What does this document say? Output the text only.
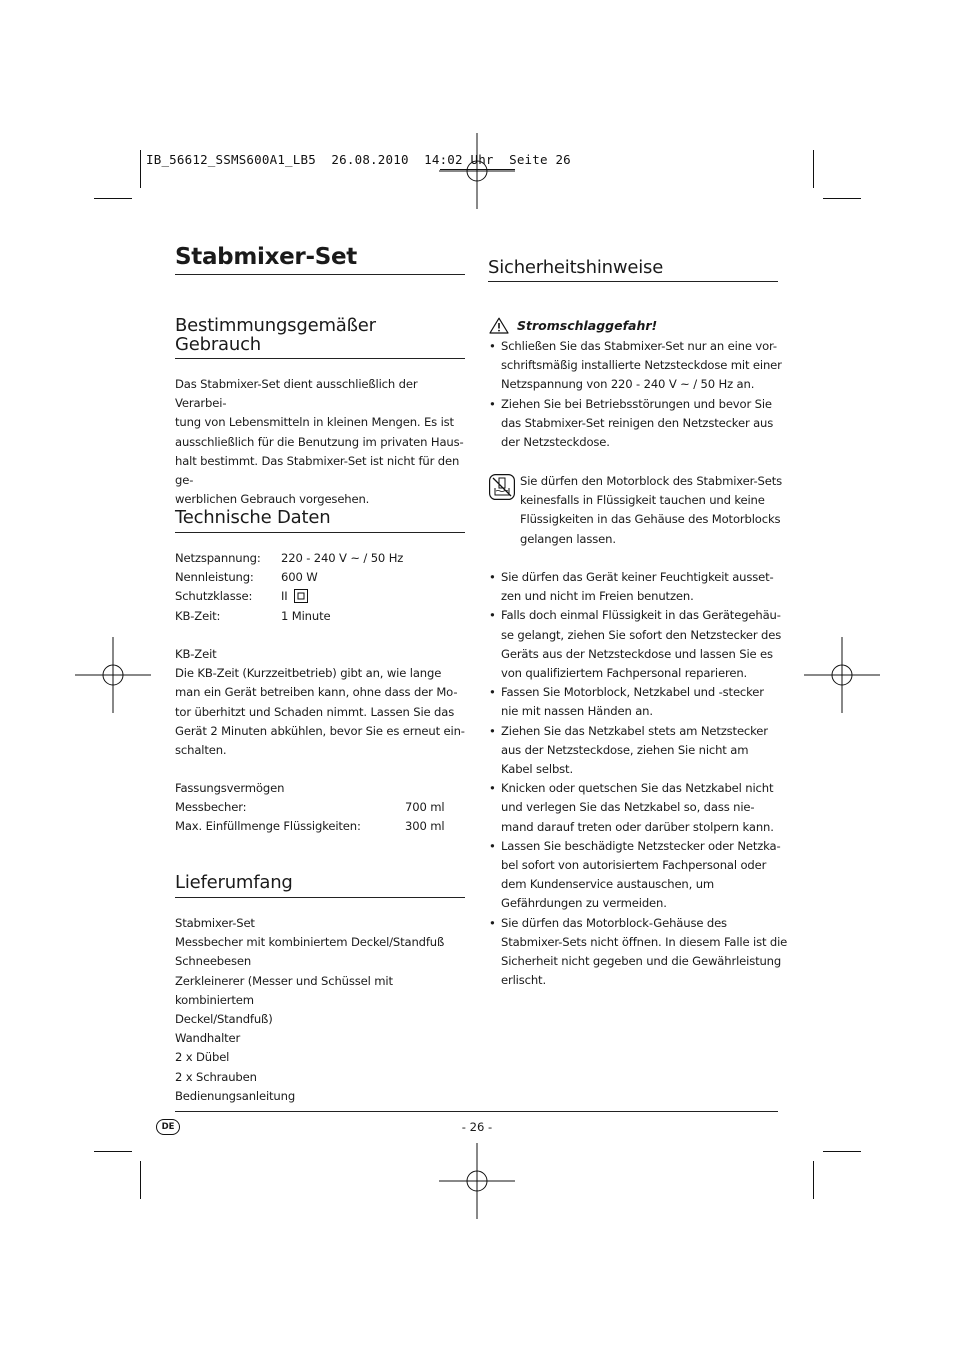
IB_56612_SSMS600A1_LB5  26.08.2010  14:02 Uhr  Seite 26
Stabmixer-Set
Bestimmungsgemäßer
Gebrauch
Das Stabmixer-Set dient ausschließlich der Verarbei-
tung von Lebensmitteln in kleinen Mengen. Es ist
ausschließlich für die Benutzung im privaten Haus-
halt bestimmt. Das Stabmixer-Set ist nicht für den ge-
werblichen Gebrauch vorgesehen.
Technische Daten
Netzspannung:	220 - 240 V ~ / 50 Hz
Nennleistung:	600 W
Schutzklasse:	II
KB-Zeit:	1 Minute
KB-Zeit
Die KB-Zeit (Kurzzeitbetrieb) gibt an, wie lange
man ein Gerät betreiben kann, ohne dass der Mo-
tor überhitzt und Schaden nimmt. Lassen Sie das
Gerät 2 Minuten abkühlen, bevor Sie es erneut ein-
schalten.
Fassungsvermögen
Messbecher:	700 ml
Max. Einfüllmenge Flüssigkeiten:	300 ml
Lieferumfang
Stabmixer-Set
Messbecher mit kombiniertem Deckel/Standfuß
Schneebesen
Zerkleinerer (Messer und Schüssel mit kombiniertem
Deckel/Standfuß)
Wandhalter
2 x Dübel
2 x Schrauben
Bedienungsanleitung
Sicherheitshinweise
Stromschlaggefahr!
• Schließen Sie das Stabmixer-Set nur an eine vor-
schriftsmäßig installierte Netzsteckdose mit einer
Netzspannung von 220 - 240 V ~ / 50 Hz an.
• Ziehen Sie bei Betriebsstörungen und bevor Sie
das Stabmixer-Set reinigen den Netzstecker aus
der Netzsteckdose.
Sie dürfen den Motorblock des Stabmixer-Sets
keinesfalls in Flüssigkeit tauchen und keine
Flüssigkeiten in das Gehäuse des Motorblocks
gelangen lassen.
• Sie dürfen das Gerät keiner Feuchtigkeit ausset-
zen und nicht im Freien benutzen.
• Falls doch einmal Flüssigkeit in das Gerätegehäu-
se gelangt, ziehen Sie sofort den Netzstecker des
Geräts aus der Netzsteckdose und lassen Sie es
von qualifiziertem Fachpersonal reparieren.
• Fassen Sie Motorblock, Netzkabel und -stecker
nie mit nassen Händen an.
• Ziehen Sie das Netzkabel stets am Netzstecker
aus der Netzsteckdose, ziehen Sie nicht am
Kabel selbst.
• Knicken oder quetschen Sie das Netzkabel nicht
und verlegen Sie das Netzkabel so, dass nie-
mand darauf treten oder darüber stolpern kann.
• Lassen Sie beschädigte Netzstecker oder Netzka-
bel sofort von autorisiertem Fachpersonal oder
dem Kundenservice austauschen, um
Gefährdungen zu vermeiden.
• Sie dürfen das Motorblock-Gehäuse des
Stabmixer-Sets nicht öffnen. In diesem Falle ist die
Sicherheit nicht gegeben und die Gewährleistung
erlischt.
DE	- 26 -
